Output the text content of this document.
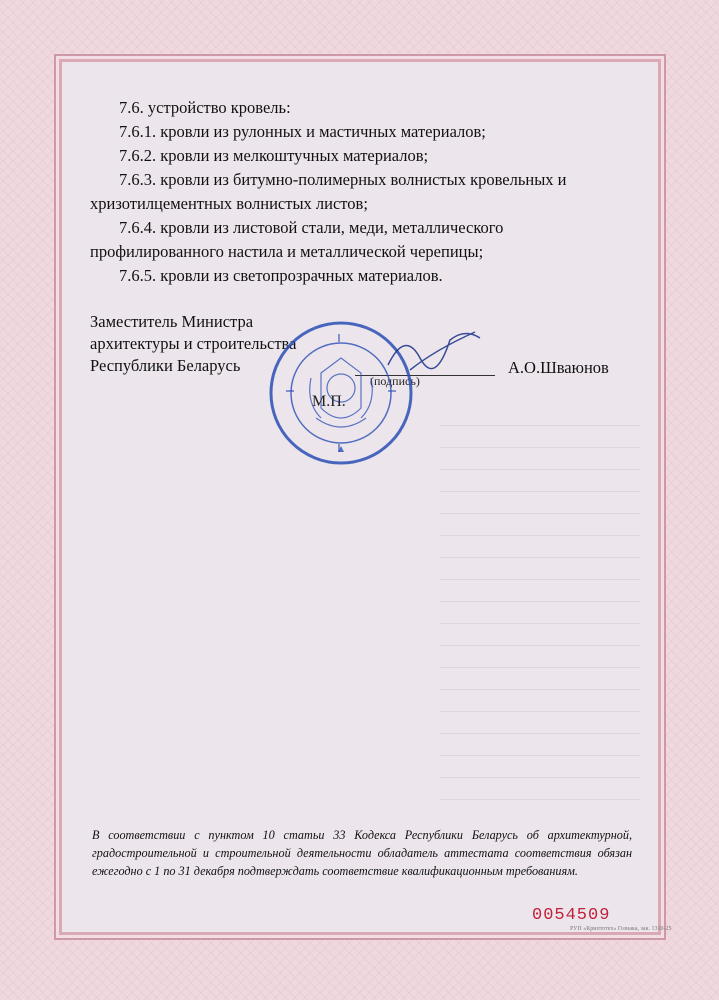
7.6. устройство кровель:
7.6.1. кровли из рулонных и мастичных материалов;
7.6.2. кровли из мелкоштучных материалов;
7.6.3. кровли из битумно-полимерных волнистых кровельных и
хризотилцементных волнистых листов;
7.6.4. кровли из листовой стали, меди, металлического
профилированного настила и металлической черепицы;
7.6.5. кровли из светопрозрачных материалов.
Заместитель Министра
архитектуры и строительства
Республики Беларусь
(подпись)
А.О.Шваюнов
М.П.
В соответствии с пунктом 10 статьи 33 Кодекса Республики Беларусь об архитектурной, градостроительной и строительной деятельности обладатель аттестата соответствия обязан ежегодно с 1 по 31 декабря подтверждать соответствие квалификационным требованиям.
0054509
РУП «Криптотех» Гознака, зак. 1310-25
